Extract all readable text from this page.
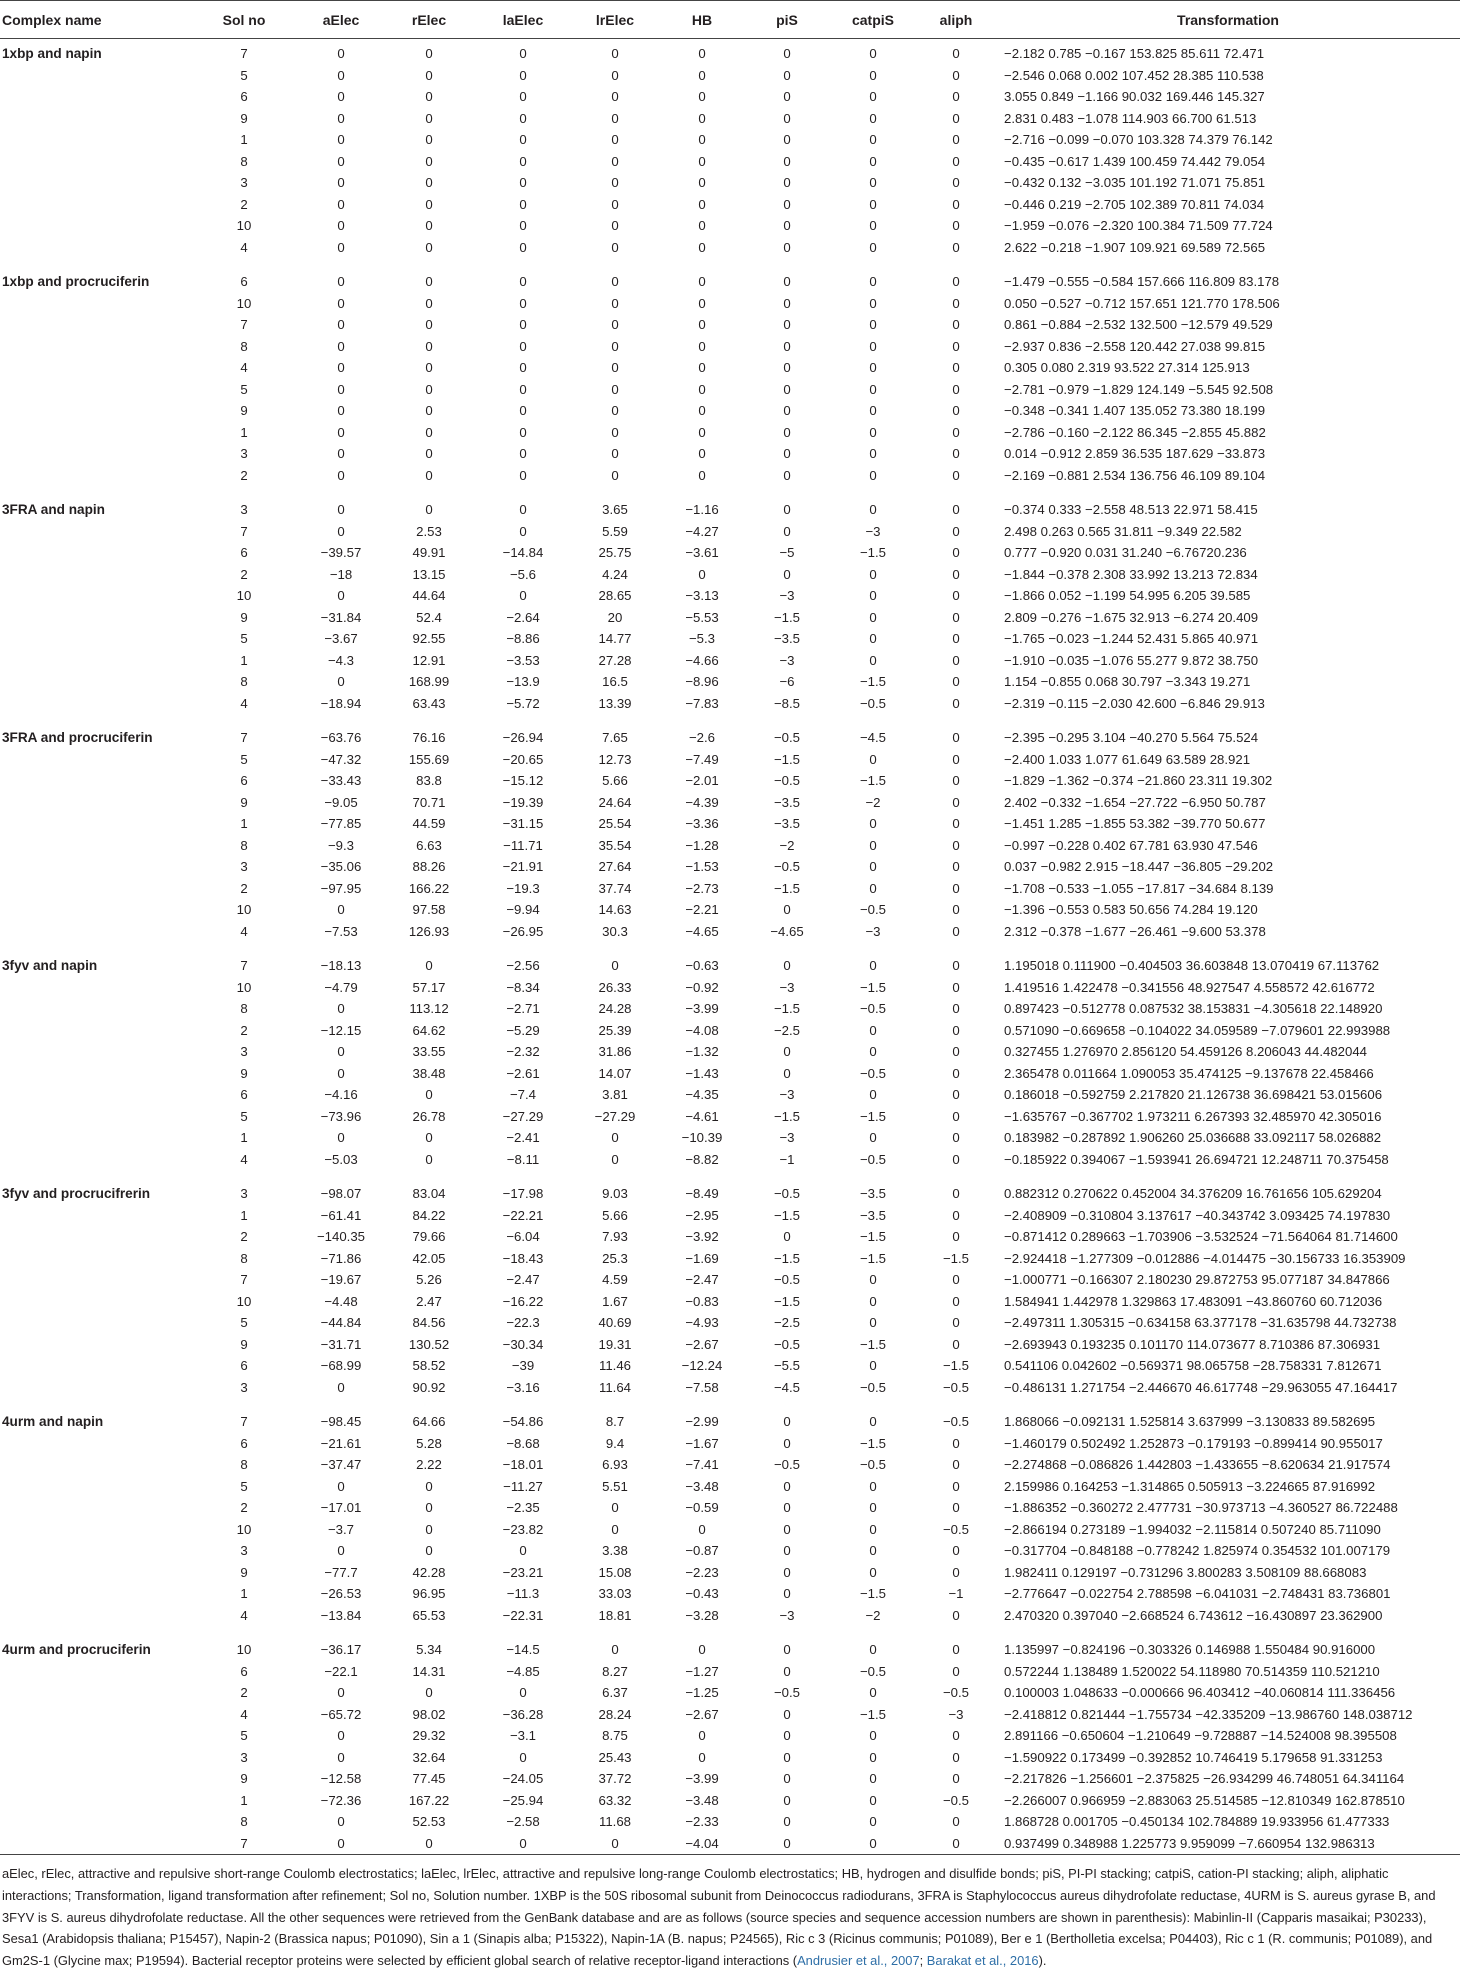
Complex name	Sol no	aElec	rElec	laElec	lrElec	HB	piS	catpiS	aliph	Transformation
1xbp and napin	7	0	0	0	0	0	0	0	0	−2.182 0.785 −0.167 153.825 85.611 72.471
	5	0	0	0	0	0	0	0	0	−2.546 0.068 0.002 107.452 28.385 110.538
	6	0	0	0	0	0	0	0	0	3.055 0.849 −1.166 90.032 169.446 145.327
	9	0	0	0	0	0	0	0	0	2.831 0.483 −1.078 114.903 66.700 61.513
	1	0	0	0	0	0	0	0	0	−2.716 −0.099 −0.070 103.328 74.379 76.142
	8	0	0	0	0	0	0	0	0	−0.435 −0.617 1.439 100.459 74.442 79.054
	3	0	0	0	0	0	0	0	0	−0.432 0.132 −3.035 101.192 71.071 75.851
	2	0	0	0	0	0	0	0	0	−0.446 0.219 −2.705 102.389 70.811 74.034
	10	0	0	0	0	0	0	0	0	−1.959 −0.076 −2.320 100.384 71.509 77.724
	4	0	0	0	0	0	0	0	0	2.622 −0.218 −1.907 109.921 69.589 72.565
1xbp and procruciferin	6	0	0	0	0	0	0	0	0	−1.479 −0.555 −0.584 157.666 116.809 83.178
	10	0	0	0	0	0	0	0	0	0.050 −0.527 −0.712 157.651 121.770 178.506
	7	0	0	0	0	0	0	0	0	0.861 −0.884 −2.532 132.500 −12.579 49.529
	8	0	0	0	0	0	0	0	0	−2.937 0.836 −2.558 120.442 27.038 99.815
	4	0	0	0	0	0	0	0	0	0.305 0.080 2.319 93.522 27.314 125.913
	5	0	0	0	0	0	0	0	0	−2.781 −0.979 −1.829 124.149 −5.545 92.508
	9	0	0	0	0	0	0	0	0	−0.348 −0.341 1.407 135.052 73.380 18.199
	1	0	0	0	0	0	0	0	0	−2.786 −0.160 −2.122 86.345 −2.855 45.882
	3	0	0	0	0	0	0	0	0	0.014 −0.912 2.859 36.535 187.629 −33.873
	2	0	0	0	0	0	0	0	0	−2.169 −0.881 2.534 136.756 46.109 89.104
3FRA and napin	3	0	0	0	3.65	−1.16	0	0	0	−0.374 0.333 −2.558 48.513 22.971 58.415
	7	0	2.53	0	5.59	−4.27	0	−3	0	2.498 0.263 0.565 31.811 −9.349 22.582
	6	−39.57	49.91	−14.84	25.75	−3.61	−5	−1.5	0	0.777 −0.920 0.031 31.240 −6.76720.236
	2	−18	13.15	−5.6	4.24	0	0	0	0	−1.844 −0.378 2.308 33.992 13.213 72.834
	10	0	44.64	0	28.65	−3.13	−3	0	0	−1.866 0.052 −1.199 54.995 6.205 39.585
	9	−31.84	52.4	−2.64	20	−5.53	−1.5	0	0	2.809 −0.276 −1.675 32.913 −6.274 20.409
	5	−3.67	92.55	−8.86	14.77	−5.3	−3.5	0	0	−1.765 −0.023 −1.244 52.431 5.865 40.971
	1	−4.3	12.91	−3.53	27.28	−4.66	−3	0	0	−1.910 −0.035 −1.076 55.277 9.872 38.750
	8	0	168.99	−13.9	16.5	−8.96	−6	−1.5	0	1.154 −0.855 0.068 30.797 −3.343 19.271
	4	−18.94	63.43	−5.72	13.39	−7.83	−8.5	−0.5	0	−2.319 −0.115 −2.030 42.600 −6.846 29.913
3FRA and procruciferin	7	−63.76	76.16	−26.94	7.65	−2.6	−0.5	−4.5	0	−2.395 −0.295 3.104 −40.270 5.564 75.524
	5	−47.32	155.69	−20.65	12.73	−7.49	−1.5	0	0	−2.400 1.033 1.077 61.649 63.589 28.921
	6	−33.43	83.8	−15.12	5.66	−2.01	−0.5	−1.5	0	−1.829 −1.362 −0.374 −21.860 23.311 19.302
	9	−9.05	70.71	−19.39	24.64	−4.39	−3.5	−2	0	2.402 −0.332 −1.654 −27.722 −6.950 50.787
	1	−77.85	44.59	−31.15	25.54	−3.36	−3.5	0	0	−1.451 1.285 −1.855 53.382 −39.770 50.677
	8	−9.3	6.63	−11.71	35.54	−1.28	−2	0	0	−0.997 −0.228 0.402 67.781 63.930 47.546
	3	−35.06	88.26	−21.91	27.64	−1.53	−0.5	0	0	0.037 −0.982 2.915 −18.447 −36.805 −29.202
	2	−97.95	166.22	−19.3	37.74	−2.73	−1.5	0	0	−1.708 −0.533 −1.055 −17.817 −34.684 8.139
	10	0	97.58	−9.94	14.63	−2.21	0	−0.5	0	−1.396 −0.553 0.583 50.656 74.284 19.120
	4	−7.53	126.93	−26.95	30.3	−4.65	−4.65	−3	0	2.312 −0.378 −1.677 −26.461 −9.600 53.378
3fyv and napin	7	−18.13	0	−2.56	0	−0.63	0	0	0	1.195018 0.111900 −0.404503 36.603848 13.070419 67.113762
	10	−4.79	57.17	−8.34	26.33	−0.92	−3	−1.5	0	1.419516 1.422478 −0.341556 48.927547 4.558572 42.616772
	8	0	113.12	−2.71	24.28	−3.99	−1.5	−0.5	0	0.897423 −0.512778 0.087532 38.153831 −4.305618 22.148920
	2	−12.15	64.62	−5.29	25.39	−4.08	−2.5	0	0	0.571090 −0.669658 −0.104022 34.059589 −7.079601 22.993988
	3	0	33.55	−2.32	31.86	−1.32	0	0	0	0.327455 1.276970 2.856120 54.459126 8.206043 44.482044
	9	0	38.48	−2.61	14.07	−1.43	0	−0.5	0	2.365478 0.011664 1.090053 35.474125 −9.137678 22.458466
	6	−4.16	0	−7.4	3.81	−4.35	−3	0	0	0.186018 −0.592759 2.217820 21.126738 36.698421 53.015606
	5	−73.96	26.78	−27.29	−27.29	−4.61	−1.5	−1.5	0	−1.635767 −0.367702 1.973211 6.267393 32.485970 42.305016
	1	0	0	−2.41	0	−10.39	−3	0	0	0.183982 −0.287892 1.906260 25.036688 33.092117 58.026882
	4	−5.03	0	−8.11	0	−8.82	−1	−0.5	0	−0.185922 0.394067 −1.593941 26.694721 12.248711 70.375458
3fyv and procrucifrerin	3	−98.07	83.04	−17.98	9.03	−8.49	−0.5	−3.5	0	0.882312 0.270622 0.452004 34.376209 16.761656 105.629204
	1	−61.41	84.22	−22.21	5.66	−2.95	−1.5	−3.5	0	−2.408909 −0.310804 3.137617 −40.343742 3.093425 74.197830
	2	−140.35	79.66	−6.04	7.93	−3.92	0	−1.5	0	−0.871412 0.289663 −1.703906 −3.532524 −71.564064 81.714600
	8	−71.86	42.05	−18.43	25.3	−1.69	−1.5	−1.5	−1.5	−2.924418 −1.277309 −0.012886 −4.014475 −30.156733 16.353909
	7	−19.67	5.26	−2.47	4.59	−2.47	−0.5	0	0	−1.000771 −0.166307 2.180230 29.872753 95.077187 34.847866
	10	−4.48	2.47	−16.22	1.67	−0.83	−1.5	0	0	1.584941 1.442978 1.329863 17.483091 −43.860760 60.712036
	5	−44.84	84.56	−22.3	40.69	−4.93	−2.5	0	0	−2.497311 1.305315 −0.634158 63.377178 −31.635798 44.732738
	9	−31.71	130.52	−30.34	19.31	−2.67	−0.5	−1.5	0	−2.693943 0.193235 0.101170 114.073677 8.710386 87.306931
	6	−68.99	58.52	−39	11.46	−12.24	−5.5	0	−1.5	0.541106 0.042602 −0.569371 98.065758 −28.758331 7.812671
	3	0	90.92	−3.16	11.64	−7.58	−4.5	−0.5	−0.5	−0.486131 1.271754 −2.446670 46.617748 −29.963055 47.164417
4urm and napin	7	−98.45	64.66	−54.86	8.7	−2.99	0	0	−0.5	1.868066 −0.092131 1.525814 3.637999 −3.130833 89.582695
	6	−21.61	5.28	−8.68	9.4	−1.67	0	−1.5	0	−1.460179 0.502492 1.252873 −0.179193 −0.899414 90.955017
	8	−37.47	2.22	−18.01	6.93	−7.41	−0.5	−0.5	0	−2.274868 −0.086826 1.442803 −1.433655 −8.620634 21.917574
	5	0	0	−11.27	5.51	−3.48	0	0	0	2.159986 0.164253 −1.314865 0.505913 −3.224665 87.916992
	2	−17.01	0	−2.35	0	−0.59	0	0	0	−1.886352 −0.360272 2.477731 −30.973713 −4.360527 86.722488
	10	−3.7	0	−23.82	0	0	0	0	−0.5	−2.866194 0.273189 −1.994032 −2.115814 0.507240 85.711090
	3	0	0	0	3.38	−0.87	0	0	0	−0.317704 −0.848188 −0.778242 1.825974 0.354532 101.007179
	9	−77.7	42.28	−23.21	15.08	−2.23	0	0	0	1.982411 0.129197 −0.731296 3.800283 3.508109 88.668083
	1	−26.53	96.95	−11.3	33.03	−0.43	0	−1.5	−1	−2.776647 −0.022754 2.788598 −6.041031 −2.748431 83.736801
	4	−13.84	65.53	−22.31	18.81	−3.28	−3	−2	0	2.470320 0.397040 −2.668524 6.743612 −16.430897 23.362900
4urm and procruciferin	10	−36.17	5.34	−14.5	0	0	0	0	0	1.135997 −0.824196 −0.303326 0.146988 1.550484 90.916000
	6	−22.1	14.31	−4.85	8.27	−1.27	0	−0.5	0	0.572244 1.138489 1.520022 54.118980 70.514359 110.521210
	2	0	0	0	6.37	−1.25	−0.5	0	−0.5	0.100003 1.048633 −0.000666 96.403412 −40.060814 111.336456
	4	−65.72	98.02	−36.28	28.24	−2.67	0	−1.5	−3	−2.418812 0.821444 −1.755734 −42.335209 −13.986760 148.038712
	5	0	29.32	−3.1	8.75	0	0	0	0	2.891166 −0.650604 −1.210649 −9.728887 −14.524008 98.395508
	3	0	32.64	0	25.43	0	0	0	0	−1.590922 0.173499 −0.392852 10.746419 5.179658 91.331253
	9	−12.58	77.45	−24.05	37.72	−3.99	0	0	0	−2.217826 −1.256601 −2.375825 −26.934299 46.748051 64.341164
	1	−72.36	167.22	−25.94	63.32	−3.48	0	0	−0.5	−2.266007 0.966959 −2.883063 25.514585 −12.810349 162.878510
	8	0	52.53	−2.58	11.68	−2.33	0	0	0	1.868728 0.001705 −0.450134 102.784889 19.933956 61.477333
	7	0	0	0	0	−4.04	0	0	0	0.937499 0.348988 1.225773 9.959099 −7.660954 132.986313
aElec, rElec, attractive and repulsive short-range Coulomb electrostatics; laElec, lrElec, attractive and repulsive long-range Coulomb electrostatics; HB, hydrogen and disulfide bonds; piS, PI-PI stacking; catpiS, cation-PI stacking; aliph, aliphatic interactions; Transformation, ligand transformation after refinement; Sol no, Solution number. 1XBP is the 50S ribosomal subunit from Deinococcus radiodurans, 3FRA is Staphylococcus aureus dihydrofolate reductase, 4URM is S. aureus gyrase B, and 3FYV is S. aureus dihydrofolate reductase. All the other sequences were retrieved from the GenBank database and are as follows (source species and sequence accession numbers are shown in parenthesis): Mabinlin-II (Capparis masaikai; P30233), Sesa1 (Arabidopsis thaliana; P15457), Napin-2 (Brassica napus; P01090), Sin a 1 (Sinapis alba; P15322), Napin-1A (B. napus; P24565), Ric c 3 (Ricinus communis; P01089), Ber e 1 (Bertholletia excelsa; P04403), Ric c 1 (R. communis; P01089), and Gm2S-1 (Glycine max; P19594). Bacterial receptor proteins were selected by efficient global search of relative receptor-ligand interactions (Andrusier et al., 2007; Barakat et al., 2016).
